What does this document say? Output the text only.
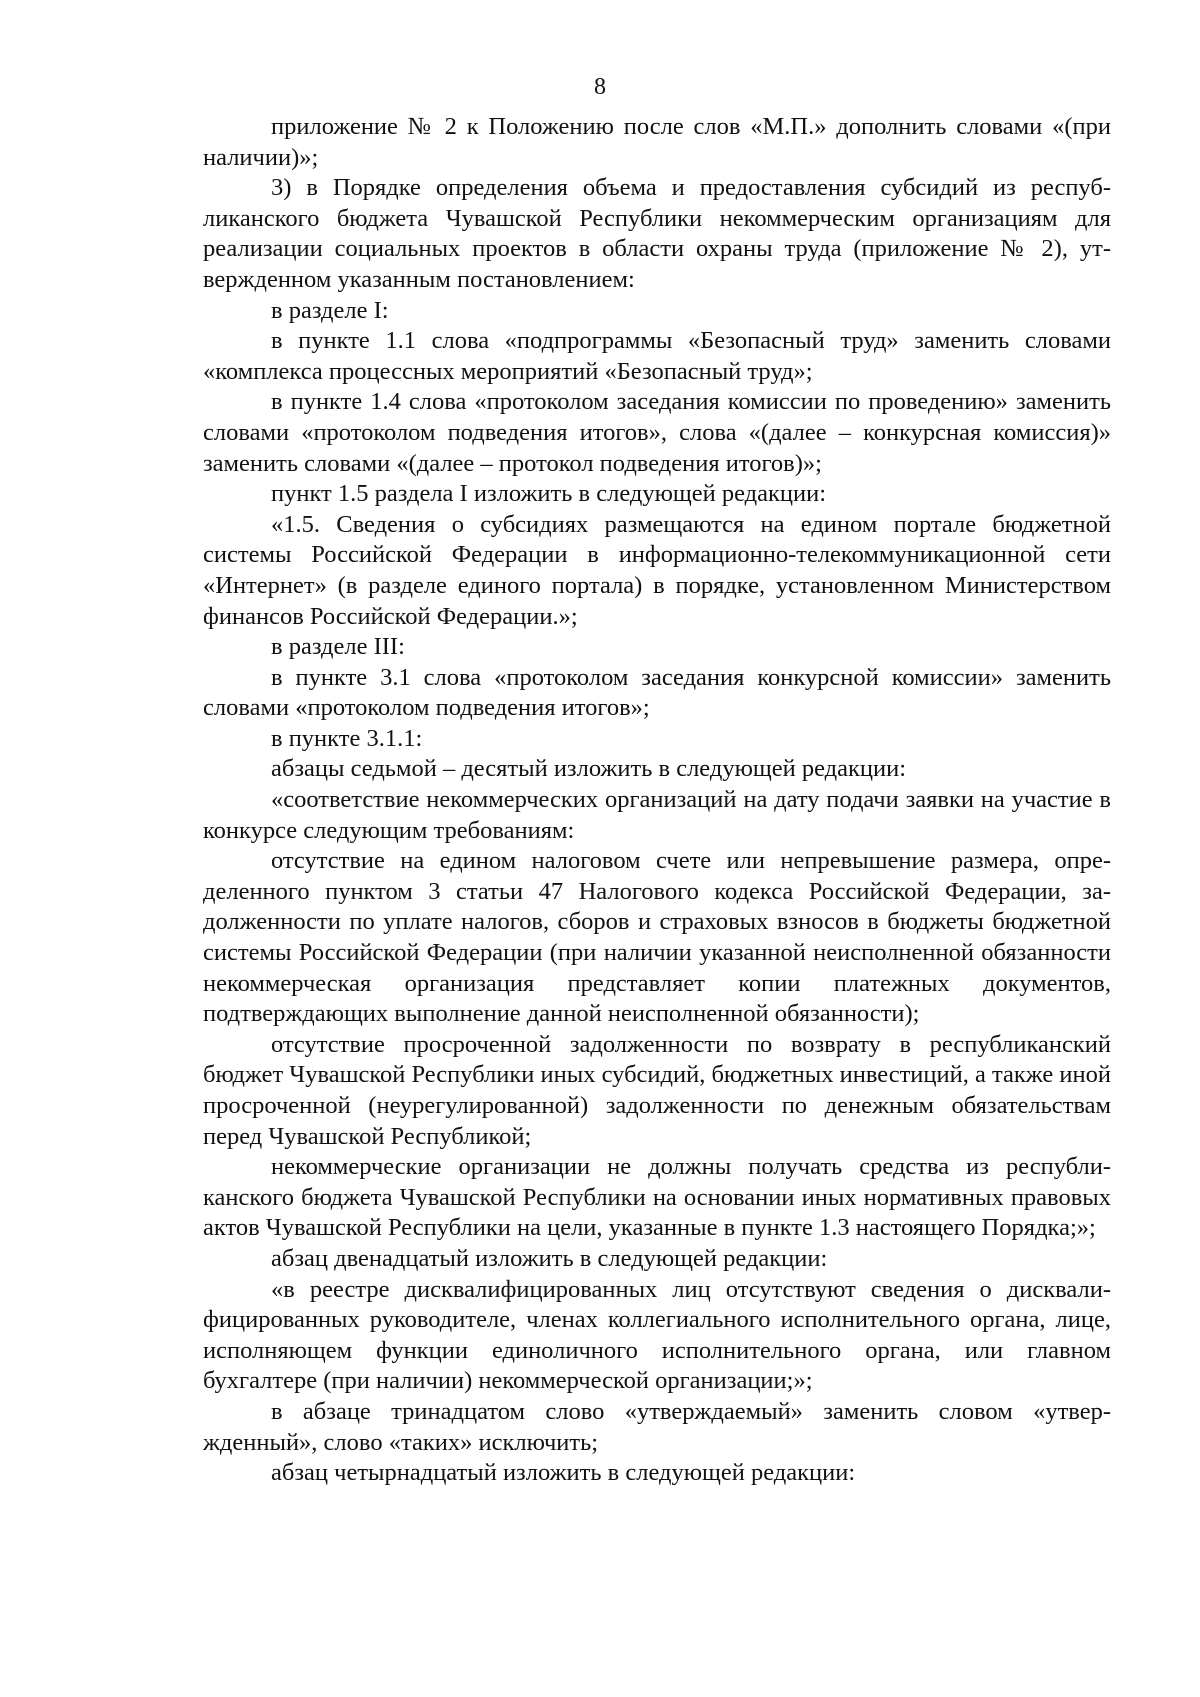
8

приложение № 2 к Положению после слов «М.П.» дополнить словами «(при наличии)»;

3) в Порядке определения объема и предоставления субсидий из республиканского бюджета Чувашской Республики некоммерческим организациям для реализации социальных проектов в области охраны труда (приложение № 2), утвержденном указанным постановлением:

в разделе I:

в пункте 1.1 слова «подпрограммы «Безопасный труд» заменить словами «комплекса процессных мероприятий «Безопасный труд»;

в пункте 1.4 слова «протоколом заседания комиссии по проведению» заменить словами «протоколом подведения итогов», слова «(далее – конкурсная комиссия)» заменить словами «(далее – протокол подведения итогов)»;

пункт 1.5 раздела I изложить в следующей редакции:

«1.5. Сведения о субсидиях размещаются на едином портале бюджетной системы Российской Федерации в информационно-телекоммуникационной сети «Интернет» (в разделе единого портала) в порядке, установленном Министерством финансов Российской Федерации.»;

в разделе III:

в пункте 3.1 слова «протоколом заседания конкурсной комиссии» заменить словами «протоколом подведения итогов»;

в пункте 3.1.1:

абзацы седьмой – десятый изложить в следующей редакции:

«соответствие некоммерческих организаций на дату подачи заявки на участие в конкурсе следующим требованиям:

отсутствие на едином налоговом счете или непревышение размера, определенного пунктом 3 статьи 47 Налогового кодекса Российской Федерации, задолженности по уплате налогов, сборов и страховых взносов в бюджеты бюджетной системы Российской Федерации (при наличии указанной неисполненной обязанности некоммерческая организация представляет копии платежных документов, подтверждающих выполнение данной неисполненной обязанности);

отсутствие просроченной задолженности по возврату в республиканский бюджет Чувашской Республики иных субсидий, бюджетных инвестиций, а также иной просроченной (неурегулированной) задолженности по денежным обязательствам перед Чувашской Республикой;

некоммерческие организации не должны получать средства из республиканского бюджета Чувашской Республики на основании иных нормативных правовых актов Чувашской Республики на цели, указанные в пункте 1.3 настоящего Порядка;»;

абзац двенадцатый изложить в следующей редакции:

«в реестре дисквалифицированных лиц отсутствуют сведения о дисквалифицированных руководителе, членах коллегиального исполнительного органа, лице, исполняющем функции единоличного исполнительного органа, или главном бухгалтере (при наличии) некоммерческой организации;»;

в абзаце тринадцатом слово «утверждаемый» заменить словом «утвержденный», слово «таких» исключить;

абзац четырнадцатый изложить в следующей редакции:
